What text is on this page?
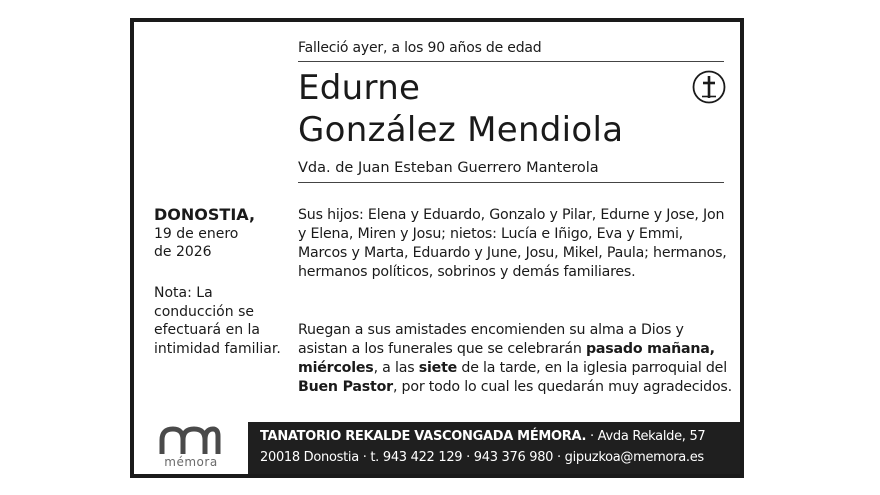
Falleció ayer, a los 90 años de edad
Edurne
González Mendiola
Vda. de Juan Esteban Guerrero Manterola
DONOSTIA,
19 de enero
de 2026
Nota: La conducción se efectuará en la intimidad familiar.
Sus hijos: Elena y Eduardo, Gonzalo y Pilar, Edurne y Jose, Jon y Elena, Miren y Josu; nietos: Lucía e Iñigo, Eva y Emmi, Marcos y Marta, Eduardo y June, Josu, Mikel, Paula; hermanos, hermanos políticos, sobrinos y demás familiares.
Ruegan a sus amistades encomienden su alma a Dios y asistan a los funerales que se celebrarán pasado mañana, miércoles, a las siete de la tarde, en la iglesia parroquial del Buen Pastor, por todo lo cual les quedarán muy agradecidos.
mémora
TANATORIO REKALDE VASCONGADA MÉMORA. · Avda Rekalde, 57
20018 Donostia · t. 943 422 129 · 943 376 980 · gipuzkoa@memora.es
